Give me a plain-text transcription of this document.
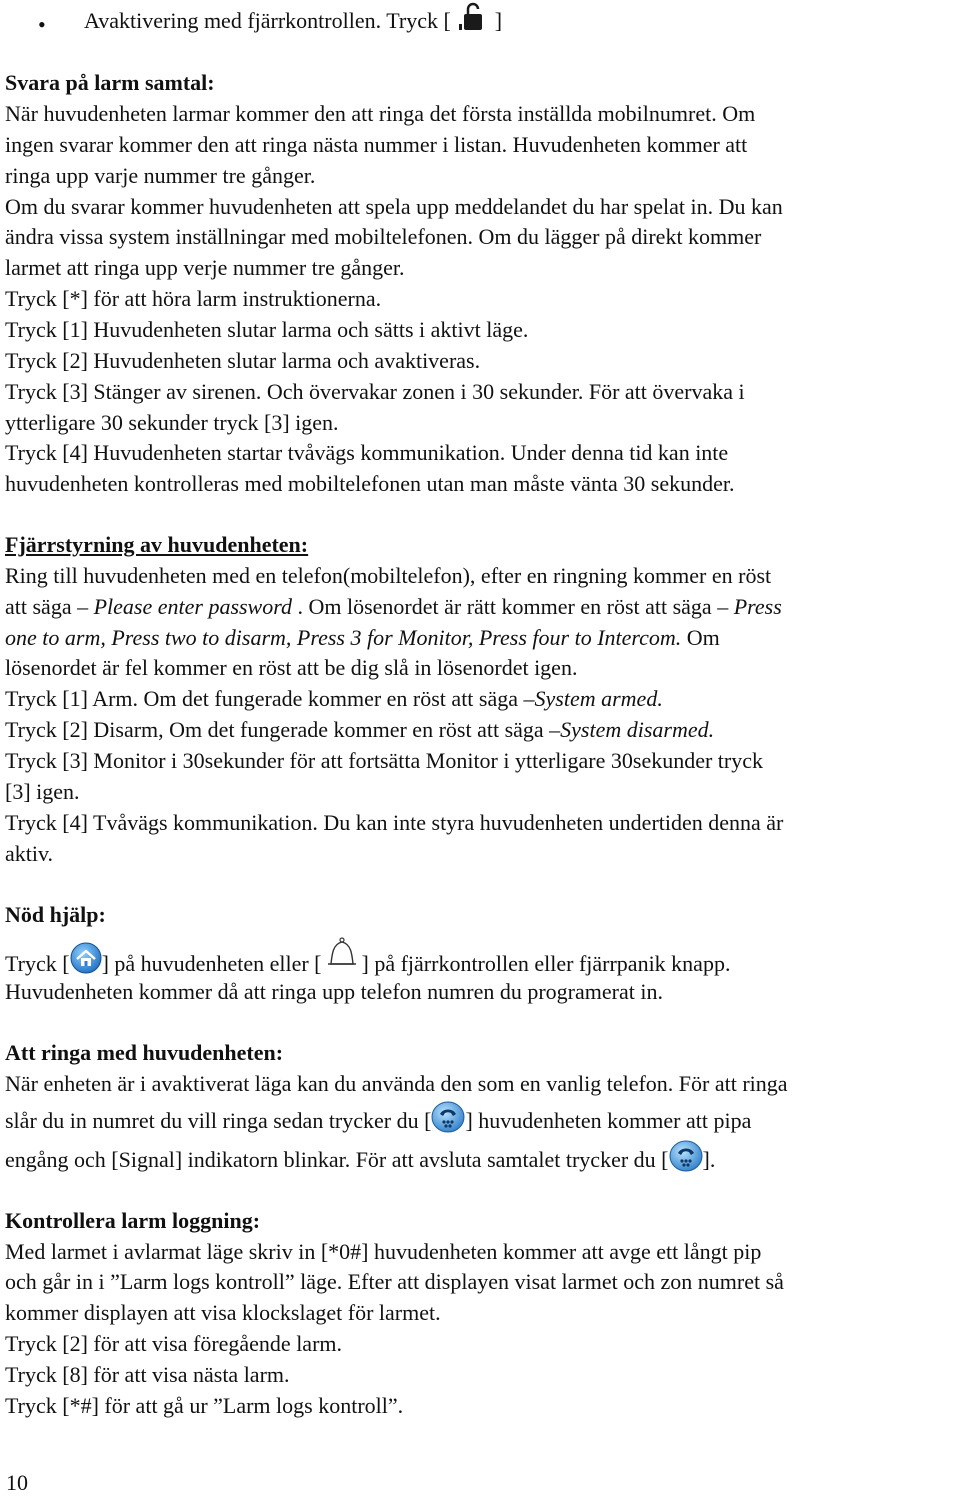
• Avaktivering med fjärrkontrollen. Tryck [ ]
Svara på larm samtal:
När huvudenheten larmar kommer den att ringa det första inställda mobilnumret. Om
ingen svarar kommer den att ringa nästa nummer i listan. Huvudenheten kommer att
ringa upp varje nummer tre gånger.
Om du svarar kommer huvudenheten att spela upp meddelandet du har spelat in. Du kan
ändra vissa system inställningar med mobiltelefonen. Om du lägger på direkt kommer
larmet att ringa upp verje nummer tre gånger.
Tryck [*] för att höra larm instruktionerna.
Tryck [1] Huvudenheten slutar larma och sätts i aktivt läge.
Tryck [2] Huvudenheten slutar larma och avaktiveras.
Tryck [3] Stänger av sirenen. Och övervakar zonen i 30 sekunder. För att övervaka i
ytterligare 30 sekunder tryck [3] igen.
Tryck [4] Huvudenheten startar tvåvägs kommunikation. Under denna tid kan inte
huvudenheten kontrolleras med mobiltelefonen utan man måste vänta 30 sekunder.
Fjärrstyrning av huvudenheten:
Ring till huvudenheten med en telefon(mobiltelefon), efter en ringning kommer en röst
att säga – Please enter password . Om lösenordet är rätt kommer en röst att säga – Press
one to arm, Press two to disarm, Press 3 for Monitor, Press four to Intercom. Om
lösenordet är fel kommer en röst att be dig slå in lösenordet igen.
Tryck [1] Arm. Om det fungerade kommer en röst att säga –System armed.
Tryck [2] Disarm, Om det fungerade kommer en röst att säga –System disarmed.
Tryck [3] Monitor i 30sekunder för att fortsätta Monitor i ytterligare 30sekunder tryck
[3] igen.
Tryck [4] Tvåvägs kommunikation. Du kan inte styra huvudenheten undertiden denna är
aktiv.
Nöd hjälp:
Tryck [ ] på huvudenheten eller [ ] på fjärrkontrollen eller fjärrpanik knapp.
Huvudenheten kommer då att ringa upp telefon numren du programerat in.
Att ringa med huvudenheten:
När enheten är i avaktiverat läga kan du använda den som en vanlig telefon. För att ringa
slår du in numret du vill ringa sedan trycker du [ ] huvudenheten kommer att pipa
engång och [Signal] indikatorn blinkar. För att avsluta samtalet trycker du [ ].
Kontrollera larm loggning:
Med larmet i avlarmat läge skriv in [*0#] huvudenheten kommer att avge ett långt pip
och går in i ”Larm logs kontroll” läge. Efter att displayen visat larmet och zon numret så
kommer displayen att visa klockslaget för larmet.
Tryck [2] för att visa föregående larm.
Tryck [8] för att visa nästa larm.
Tryck [*#] för att gå ur ”Larm logs kontroll”.
10
